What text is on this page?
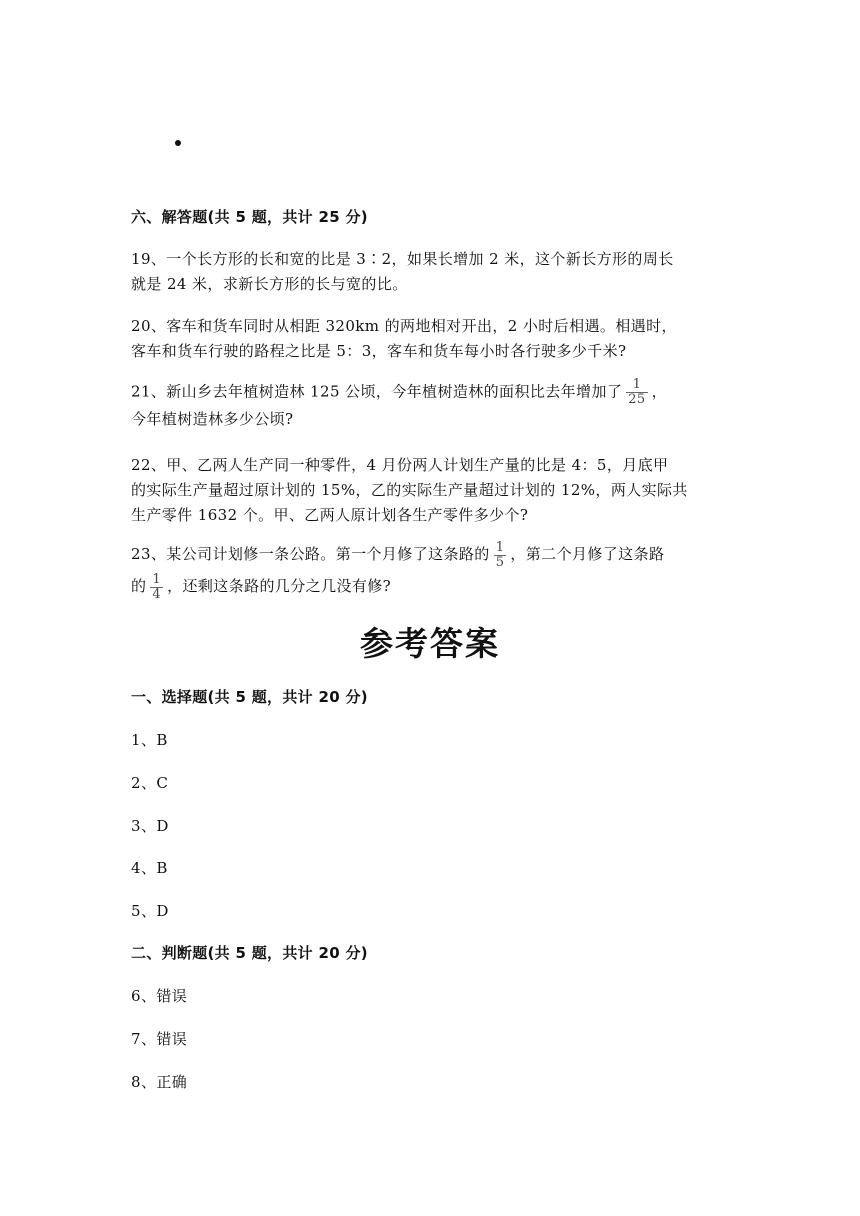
六、解答题(共 5 题，共计 25 分)
19、一个长方形的长和宽的比是 3∶2，如果长增加 2 米，这个新长方形的周长
就是 24 米，求新长方形的长与宽的比。
20、客车和货车同时从相距 320km 的两地相对开出，2 小时后相遇。相遇时，
客车和货车行驶的路程之比是 5：3，客车和货车每小时各行驶多少千米?
21、新山乡去年植树造林 125 公顷，今年植树造林的面积比去年增加了 $\frac{1}{25}$ ，
今年植树造林多少公顷?
22、甲、乙两人生产同一种零件，4 月份两人计划生产量的比是 4：5，月底甲
的实际生产量超过原计划的 15%，乙的实际生产量超过计划的 12%，两人实际共
生产零件 1632 个。甲、乙两人原计划各生产零件多少个?
23、某公司计划修一条公路。第一个月修了这条路的 $\frac{1}{5}$ ，第二个月修了这条路
的 $\frac{1}{4}$ ，还剩这条路的几分之几没有修?
参考答案
一、选择题(共 5 题，共计 20 分)
1、B
2、C
3、D
4、B
5、D
二、判断题(共 5 题，共计 20 分)
6、错误
7、错误
8、正确
